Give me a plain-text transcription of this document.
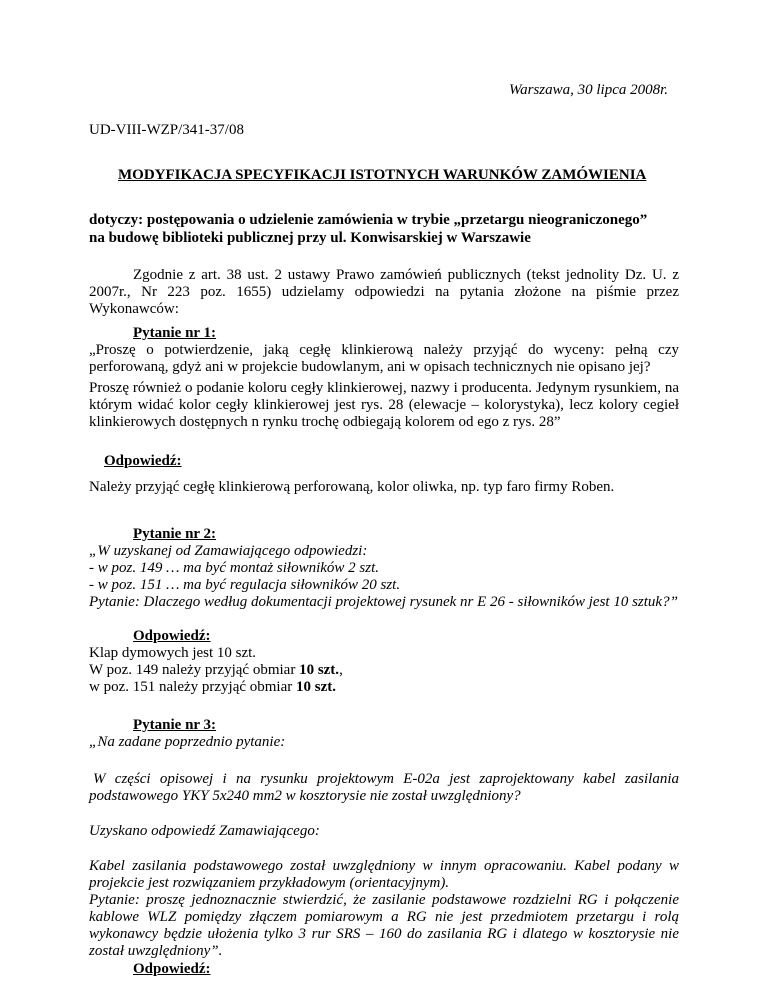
Warszawa, 30 lipca 2008r.
UD-VIII-WZP/341-37/08
MODYFIKACJA SPECYFIKACJI ISTOTNYCH WARUNKÓW ZAMÓWIENIA
dotyczy: postępowania o udzielenie zamówienia w trybie „przetargu nieograniczonego”
na budowę biblioteki publicznej przy ul. Konwisarskiej w Warszawie

Zgodnie z art. 38 ust. 2 ustawy Prawo zamówień publicznych (tekst jednolity Dz. U. z 2007r., Nr 223 poz. 1655) udzielamy odpowiedzi na pytania złożone na piśmie przez Wykonawców:

Pytanie nr 1:

„Proszę o potwierdzenie, jaką cegłę klinkierową należy przyjąć do wyceny: pełną czy perforowaną, gdyż ani w projekcie budowlanym, ani w opisach technicznych nie opisano jej?

Proszę również o podanie koloru cegły klinkierowej, nazwy i producenta. Jedynym rysunkiem, na którym widać kolor cegły klinkierowej jest rys. 28 (elewacje – kolorystyka), lecz kolory cegieł klinkierowych dostępnych n rynku trochę odbiegają kolorem od ego z rys. 28”

Odpowiedź:
Należy przyjąć cegłę klinkierową perforowaną, kolor oliwka, np. typ faro firmy Roben.
Pytanie nr 2:
„W uzyskanej od Zamawiającego odpowiedzi:
- w poz. 149 … ma być montaż siłowników 2 szt.
- w poz. 151 … ma być regulacja siłowników 20 szt.

Pytanie: Dlaczego według dokumentacji projektowej rysunek nr E 26 - siłowników jest 10 sztuk?”

Odpowiedź:
Klap dymowych jest 10 szt.
W poz. 149 należy przyjąć obmiar 10 szt.,
w poz. 151 należy przyjąć obmiar 10 szt.
Pytanie nr 3:
„Na zadane poprzednio pytanie:

W części opisowej i na rysunku projektowym E-02a jest zaprojektowany kabel zasilania podstawowego YKY 5x240 mm2 w kosztorysie nie został uwzględniony?

Uzyskano odpowiedź Zamawiającego:

Kabel zasilania podstawowego został uwzględniony w innym opracowaniu. Kabel podany w projekcie jest rozwiązaniem przykładowym (orientacyjnym).

Pytanie: proszę jednoznacznie stwierdzić, że zasilanie podstawowe rozdzielni RG i połączenie kablowe WLZ pomiędzy złączem pomiarowym a RG nie jest przedmiotem przetargu i rolą wykonawcy będzie ułożenia tylko 3 rur SRS – 160 do zasilania RG i dlatego w kosztorysie nie został uwzględniony”.

Odpowiedź:
